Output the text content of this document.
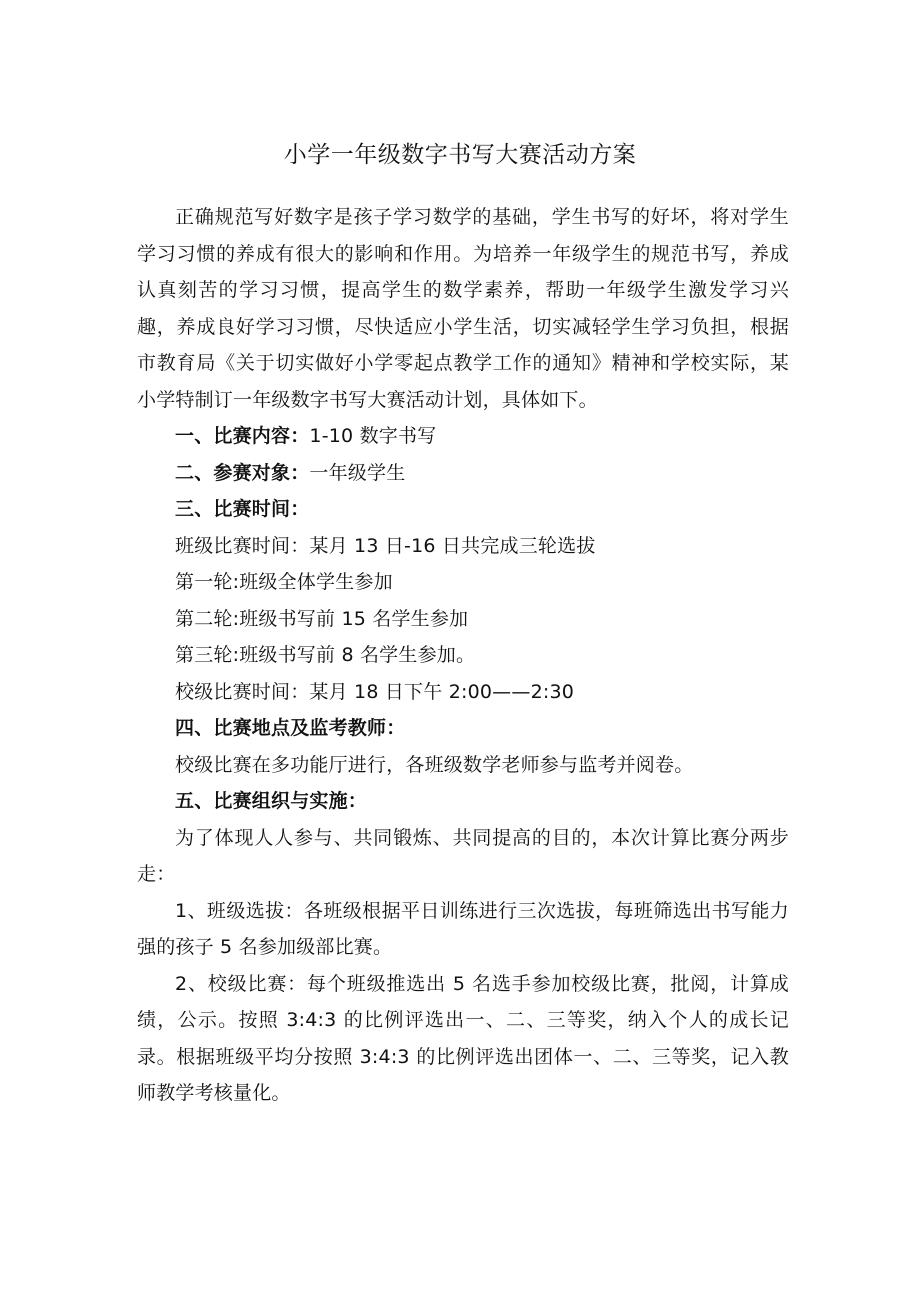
小学一年级数字书写大赛活动方案

正确规范写好数字是孩子学习数学的基础，学生书写的好坏，将对学生学习习惯的养成有很大的影响和作用。为培养一年级学生的规范书写，养成认真刻苦的学习习惯，提高学生的数学素养，帮助一年级学生激发学习兴趣，养成良好学习习惯，尽快适应小学生活，切实减轻学生学习负担，根据市教育局《关于切实做好小学零起点教学工作的通知》精神和学校实际，某小学特制订一年级数字书写大赛活动计划，具体如下。

一、比赛内容：1-10 数字书写

二、参赛对象：一年级学生

三、比赛时间：

班级比赛时间：某月 13 日-16 日共完成三轮选拔

第一轮:班级全体学生参加

第二轮:班级书写前 15 名学生参加

第三轮:班级书写前 8 名学生参加。

校级比赛时间：某月 18 日下午 2:00——2:30

四、比赛地点及监考教师：

校级比赛在多功能厅进行，各班级数学老师参与监考并阅卷。

五、比赛组织与实施：

为了体现人人参与、共同锻炼、共同提高的目的，本次计算比赛分两步走：

1、班级选拔：各班级根据平日训练进行三次选拔，每班筛选出书写能力强的孩子 5 名参加级部比赛。

2、校级比赛：每个班级推选出 5 名选手参加校级比赛，批阅，计算成绩，公示。按照 3:4:3 的比例评选出一、二、三等奖，纳入个人的成长记录。根据班级平均分按照 3:4:3 的比例评选出团体一、二、三等奖，记入教师教学考核量化。
